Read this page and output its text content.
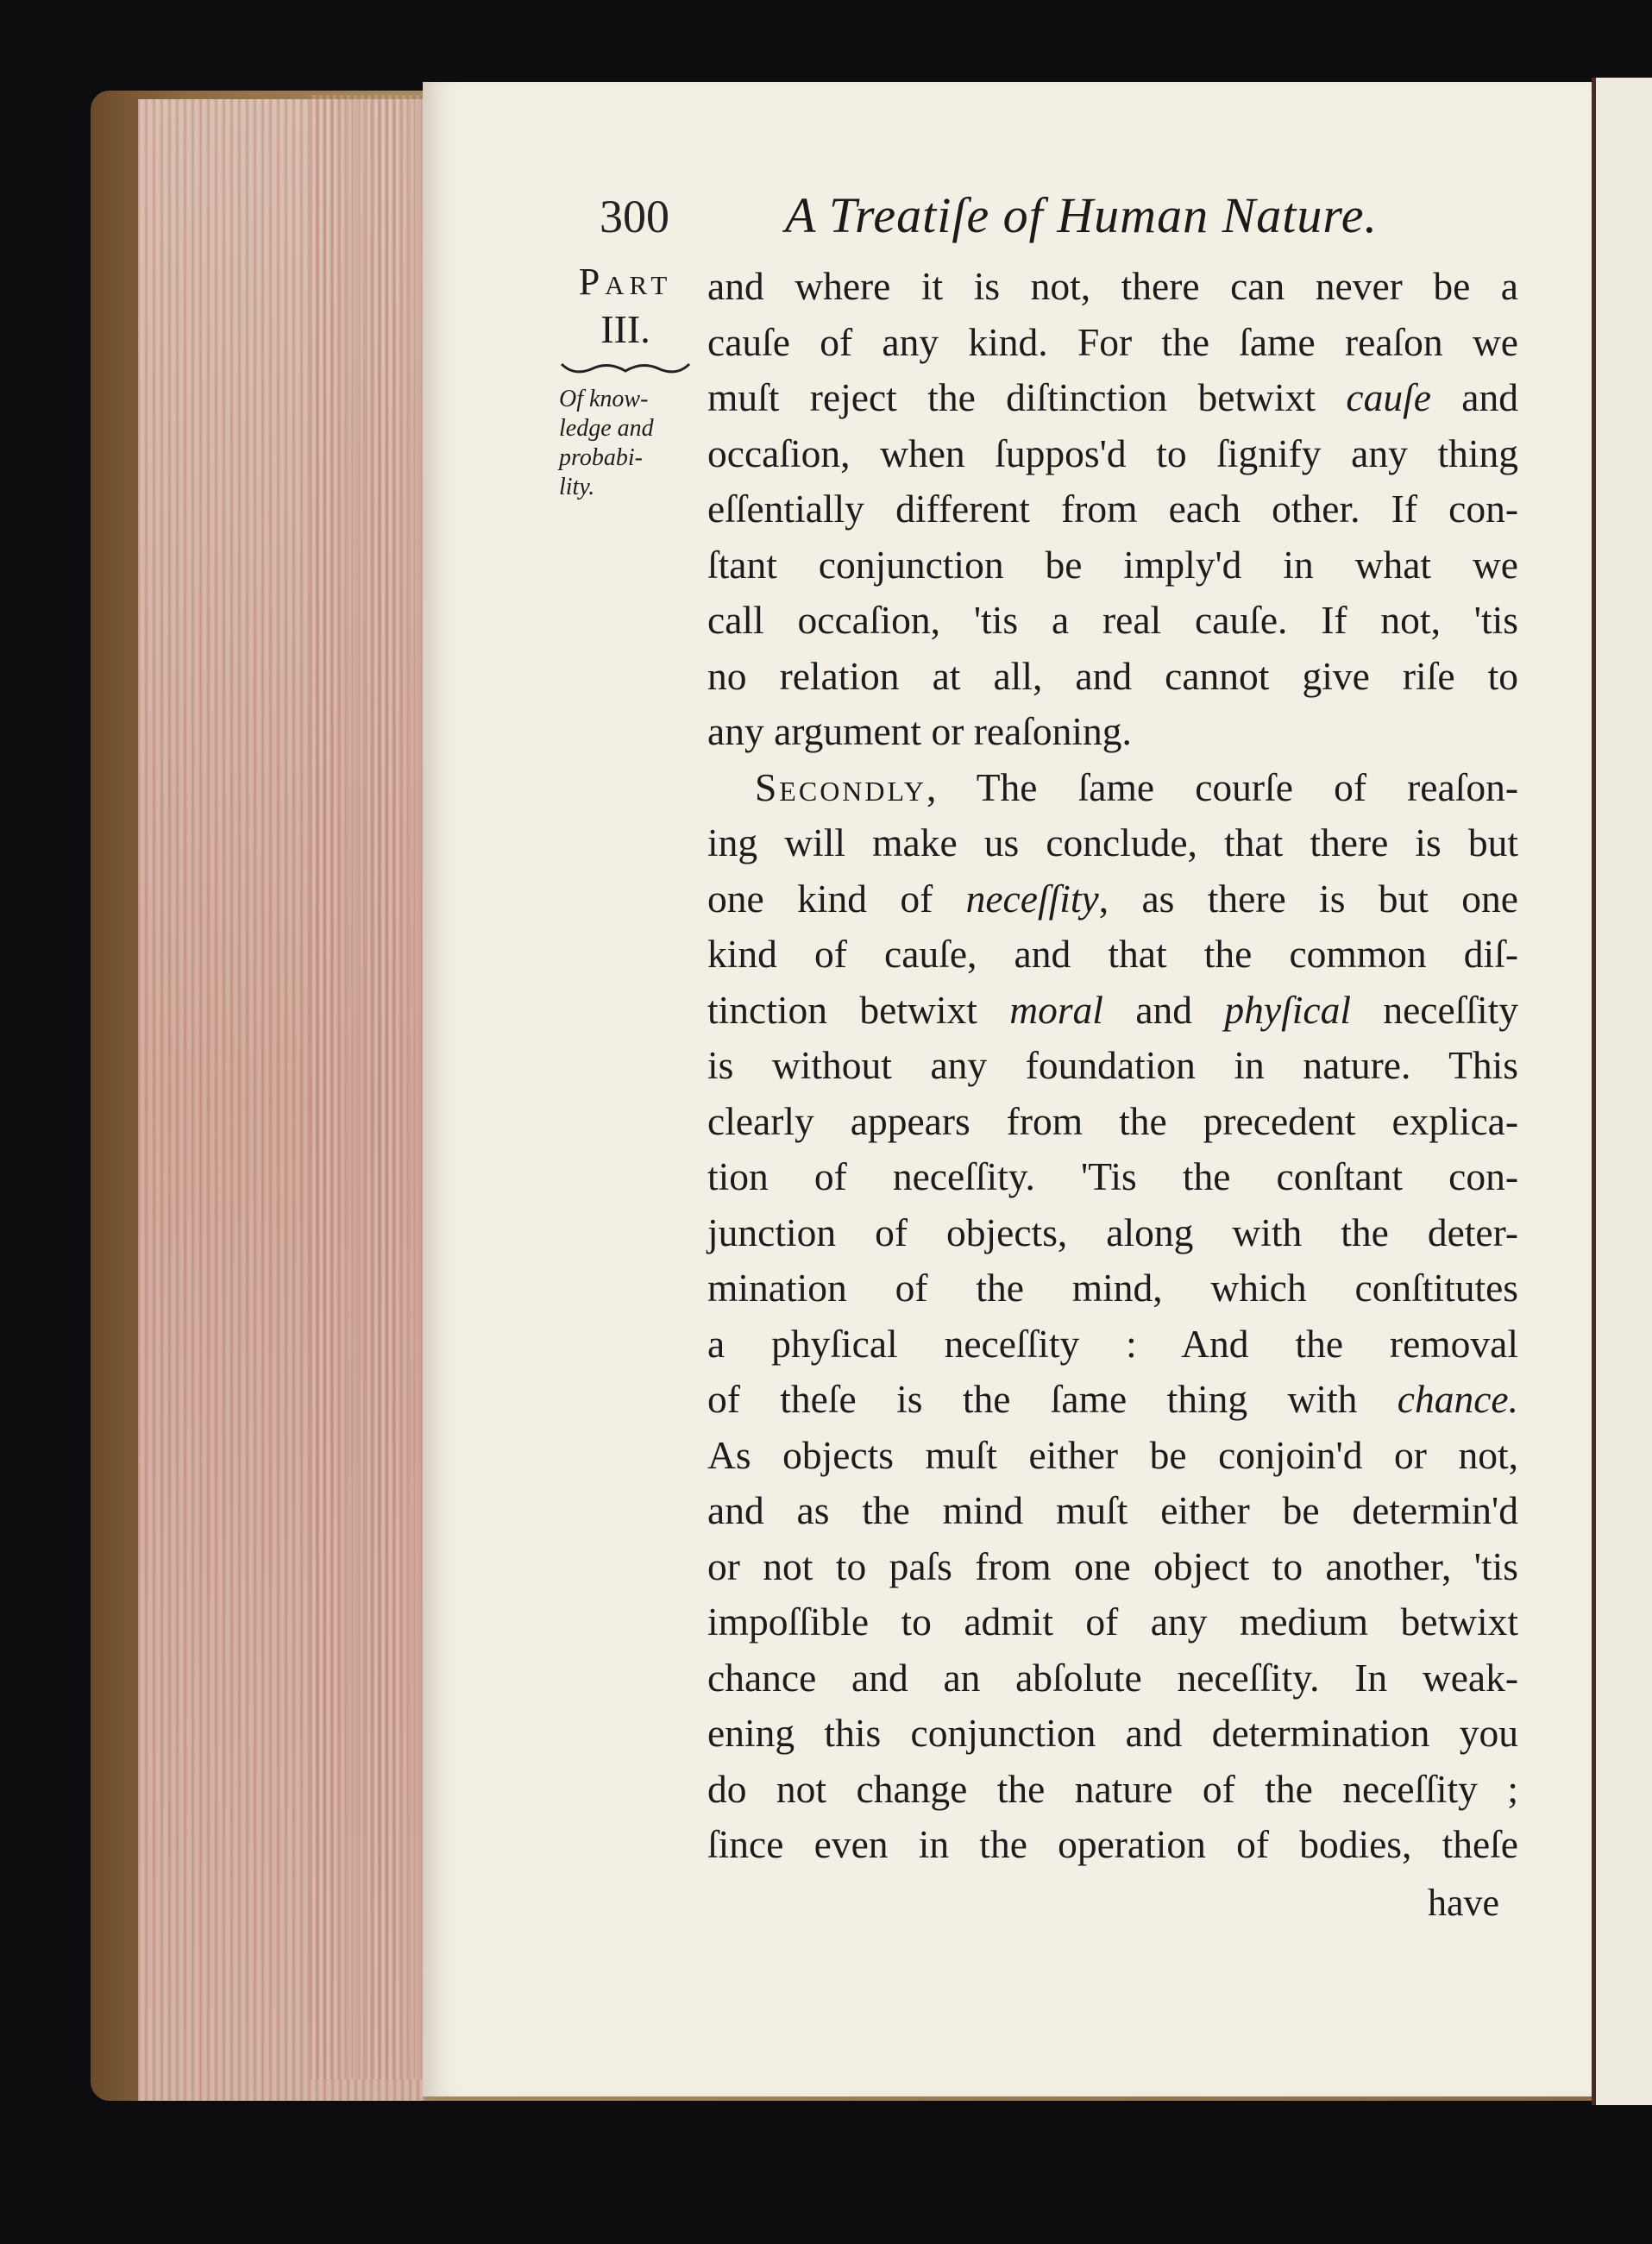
300 A Treatiſe of Human Nature.
Part
III.
Of know-
ledge and
probabi-
lity.
and where it is not, there can never be a
cauſe of any kind. For the ſame reaſon we
muſt reject the diſtinction betwixt cauſe and
occaſion, when ſuppos'd to ſignify any thing
eſſentially different from each other. If con-
ſtant conjunction be imply'd in what we
call occaſion, 'tis a real cauſe. If not, 'tis
no relation at all, and cannot give riſe to
any argument or reaſoning.
Secondly, The ſame courſe of reaſon-
ing will make us conclude, that there is but
one kind of neceſſity, as there is but one
kind of cauſe, and that the common diſ-
tinction betwixt moral and phyſical neceſſity
is without any foundation in nature. This
clearly appears from the precedent explica-
tion of neceſſity. 'Tis the conſtant con-
junction of objects, along with the deter-
mination of the mind, which conſtitutes
a phyſical neceſſity : And the removal
of theſe is the ſame thing with chance.
As objects muſt either be conjoin'd or not,
and as the mind muſt either be determin'd
or not to paſs from one object to another, 'tis
impoſſible to admit of any medium betwixt
chance and an abſolute neceſſity. In weak-
ening this conjunction and determination you
do not change the nature of the neceſſity ;
ſince even in the operation of bodies, theſe
have
